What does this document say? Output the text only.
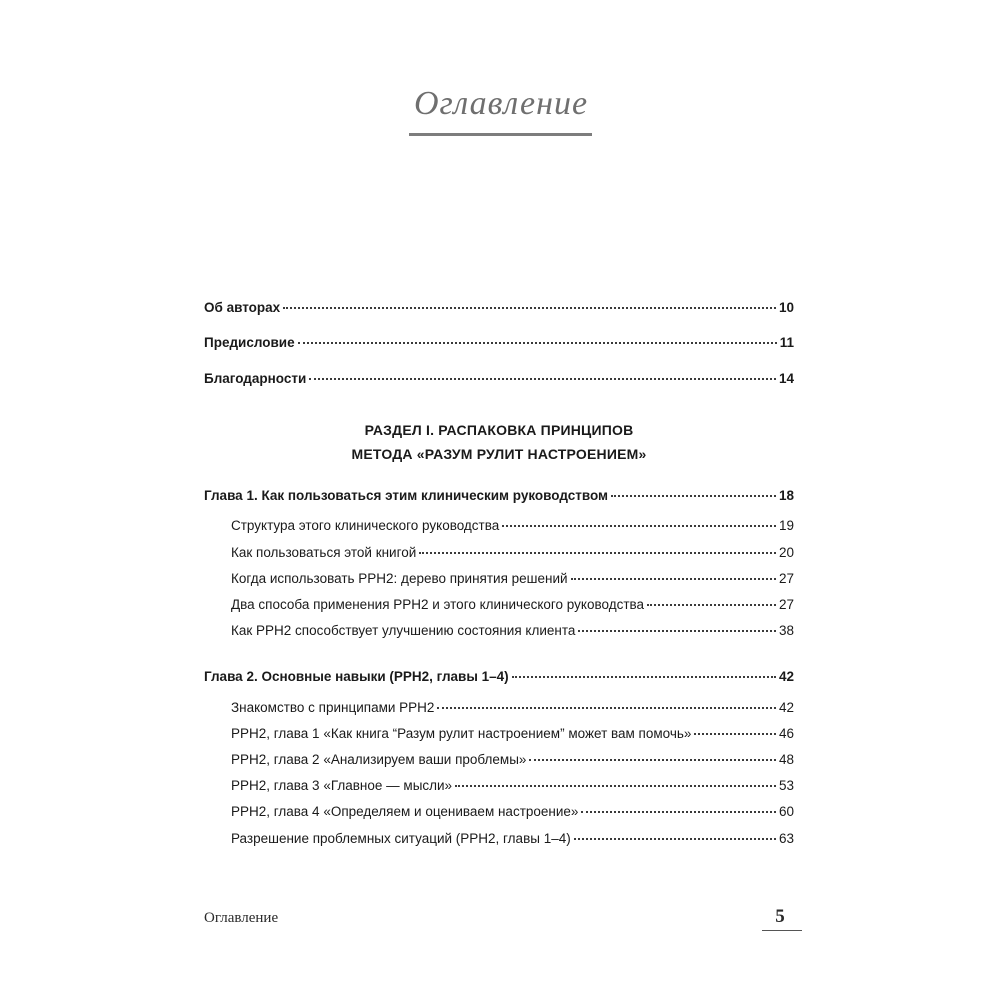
Оглавление
Об авторах	10
Предисловие	11
Благодарности	14

РАЗДЕЛ I. РАСПАКОВКА ПРИНЦИПОВ

МЕТОДА «РАЗУМ РУЛИТ НАСТРОЕНИЕМ»

Глава 1. Как пользоваться этим клиническим руководством	18
Структура этого клинического руководства	19
Как пользоваться этой книгой	20
Когда использовать РРН2: дерево принятия решений	27
Два способа применения РРН2 и этого клинического руководства	27
Как РРН2 способствует улучшению состояния клиента	38
Глава 2. Основные навыки (РРН2, главы 1–4)	42
Знакомство с принципами РРН2	42
РРН2, глава 1 «Как книга “Разум рулит настроением” может вам помочь»	46
РРН2, глава 2 «Анализируем ваши проблемы»	48
РРН2, глава 3 «Главное — мысли»	53
РРН2, глава 4 «Определяем и оцениваем настроение»	60
Разрешение проблемных ситуаций (РРН2, главы 1–4)	63
Оглавление	5
